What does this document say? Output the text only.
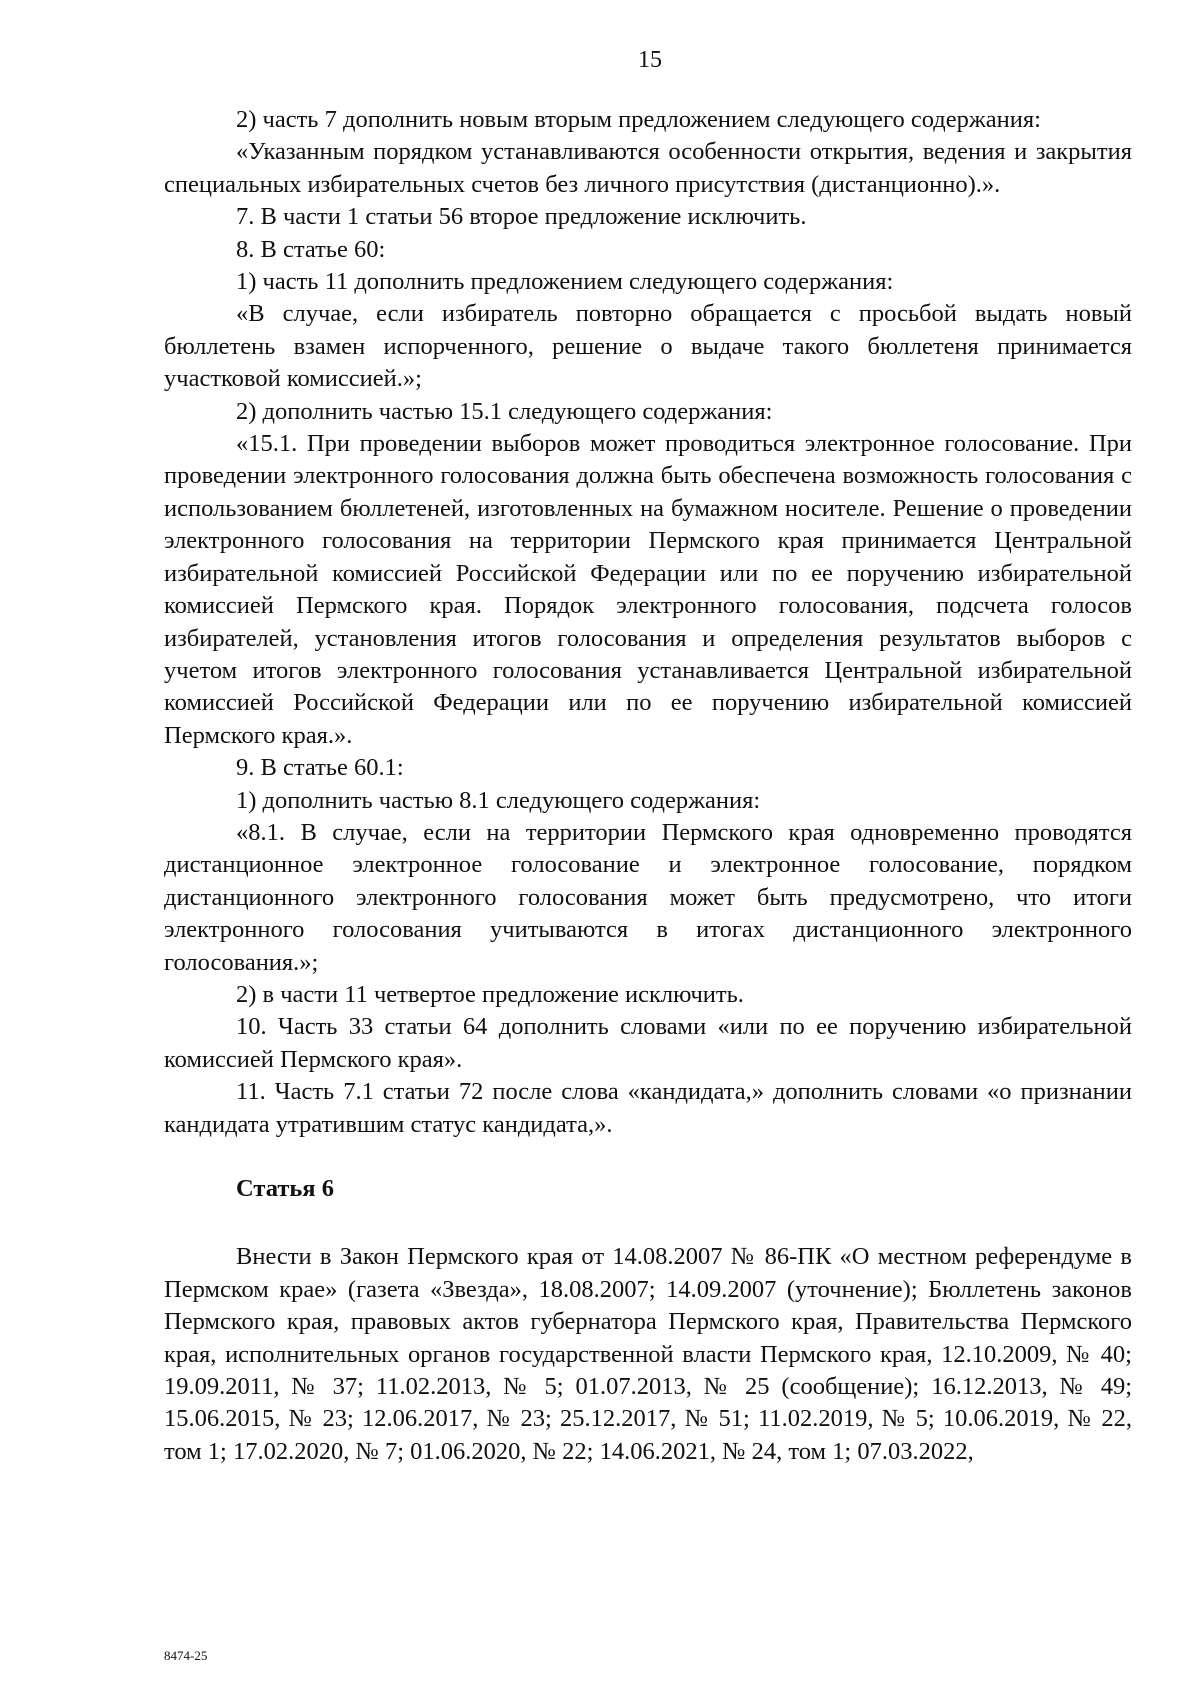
15

2) часть 7 дополнить новым вторым предложением следующего содержания:

«Указанным порядком устанавливаются особенности открытия, ведения и закрытия специальных избирательных счетов без личного присутствия (дистанционно).».

7. В части 1 статьи 56 второе предложение исключить.

8. В статье 60:

1) часть 11 дополнить предложением следующего содержания:

«В случае, если избиратель повторно обращается с просьбой выдать новый бюллетень взамен испорченного, решение о выдаче такого бюллетеня принимается участковой комиссией.»;

2) дополнить частью 15.1 следующего содержания:

«15.1. При проведении выборов может проводиться электронное голосование. При проведении электронного голосования должна быть обеспечена возможность голосования с использованием бюллетеней, изготовленных на бумажном носителе. Решение о проведении электронного голосования на территории Пермского края принимается Центральной избирательной комиссией Российской Федерации или по ее поручению избирательной комиссией Пермского края. Порядок электронного голосования, подсчета голосов избирателей, установления итогов голосования и определения результатов выборов с учетом итогов электронного голосования устанавливается Центральной избирательной комиссией Российской Федерации или по ее поручению избирательной комиссией Пермского края.».

9. В статье 60.1:

1) дополнить частью 8.1 следующего содержания:

«8.1. В случае, если на территории Пермского края одновременно проводятся дистанционное электронное голосование и электронное голосование, порядком дистанционного электронного голосования может быть предусмотрено, что итоги электронного голосования учитываются в итогах дистанционного электронного голосования.»;

2) в части 11 четвертое предложение исключить.

10. Часть 33 статьи 64 дополнить словами «или по ее поручению избирательной комиссией Пермского края».

11. Часть 7.1 статьи 72 после слова «кандидата,» дополнить словами «о признании кандидата утратившим статус кандидата,».

Статья 6

Внести в Закон Пермского края от 14.08.2007 № 86-ПК «О местном референдуме в Пермском крае» (газета «Звезда», 18.08.2007; 14.09.2007 (уточнение); Бюллетень законов Пермского края, правовых актов губернатора Пермского края, Правительства Пермского края, исполнительных органов государственной власти Пермского края, 12.10.2009, № 40; 19.09.2011, № 37; 11.02.2013, № 5; 01.07.2013, № 25 (сообщение); 16.12.2013, № 49; 15.06.2015, № 23; 12.06.2017, № 23; 25.12.2017, № 51; 11.02.2019, № 5; 10.06.2019, № 22, том 1; 17.02.2020, № 7; 01.06.2020, № 22; 14.06.2021, № 24, том 1; 07.03.2022,

8474-25
